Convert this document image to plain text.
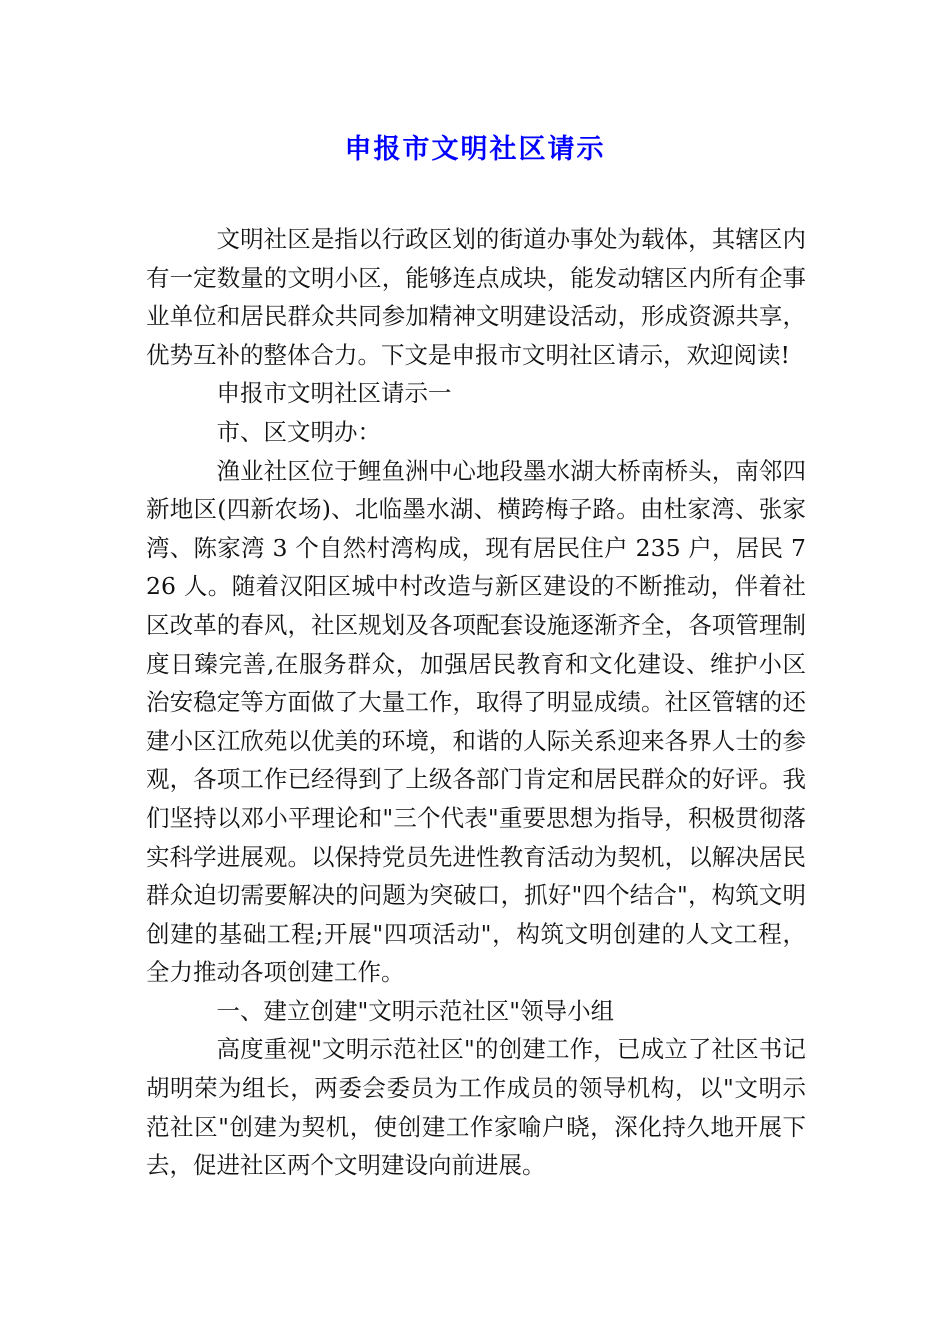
申报市文明社区请示

文明社区是指以行政区划的街道办事处为载体，其辖区内有一定数量的文明小区，能够连点成块，能发动辖区内所有企事业单位和居民群众共同参加精神文明建设活动，形成资源共享，优势互补的整体合力。下文是申报市文明社区请示，欢迎阅读!

申报市文明社区请示一

市、区文明办：

渔业社区位于鲤鱼洲中心地段墨水湖大桥南桥头，南邻四新地区(四新农场)、北临墨水湖、横跨梅子路。由杜家湾、张家湾、陈家湾 3 个自然村湾构成，现有居民住户 235 户，居民 726 人。随着汉阳区城中村改造与新区建设的不断推动，伴着社区改革的春风，社区规划及各项配套设施逐渐齐全，各项管理制度日臻完善,在服务群众，加强居民教育和文化建设、维护小区治安稳定等方面做了大量工作，取得了明显成绩。社区管辖的还建小区江欣苑以优美的环境，和谐的人际关系迎来各界人士的参观，各项工作已经得到了上级各部门肯定和居民群众的好评。我们坚持以邓小平理论和"三个代表"重要思想为指导，积极贯彻落实科学进展观。以保持党员先进性教育活动为契机，以解决居民群众迫切需要解决的问题为突破口，抓好"四个结合"，构筑文明创建的基础工程;开展"四项活动"，构筑文明创建的人文工程，全力推动各项创建工作。

一、建立创建"文明示范社区"领导小组

高度重视"文明示范社区"的创建工作，已成立了社区书记胡明荣为组长，两委会委员为工作成员的领导机构，以"文明示范社区"创建为契机，使创建工作家喻户晓，深化持久地开展下去，促进社区两个文明建设向前进展。
